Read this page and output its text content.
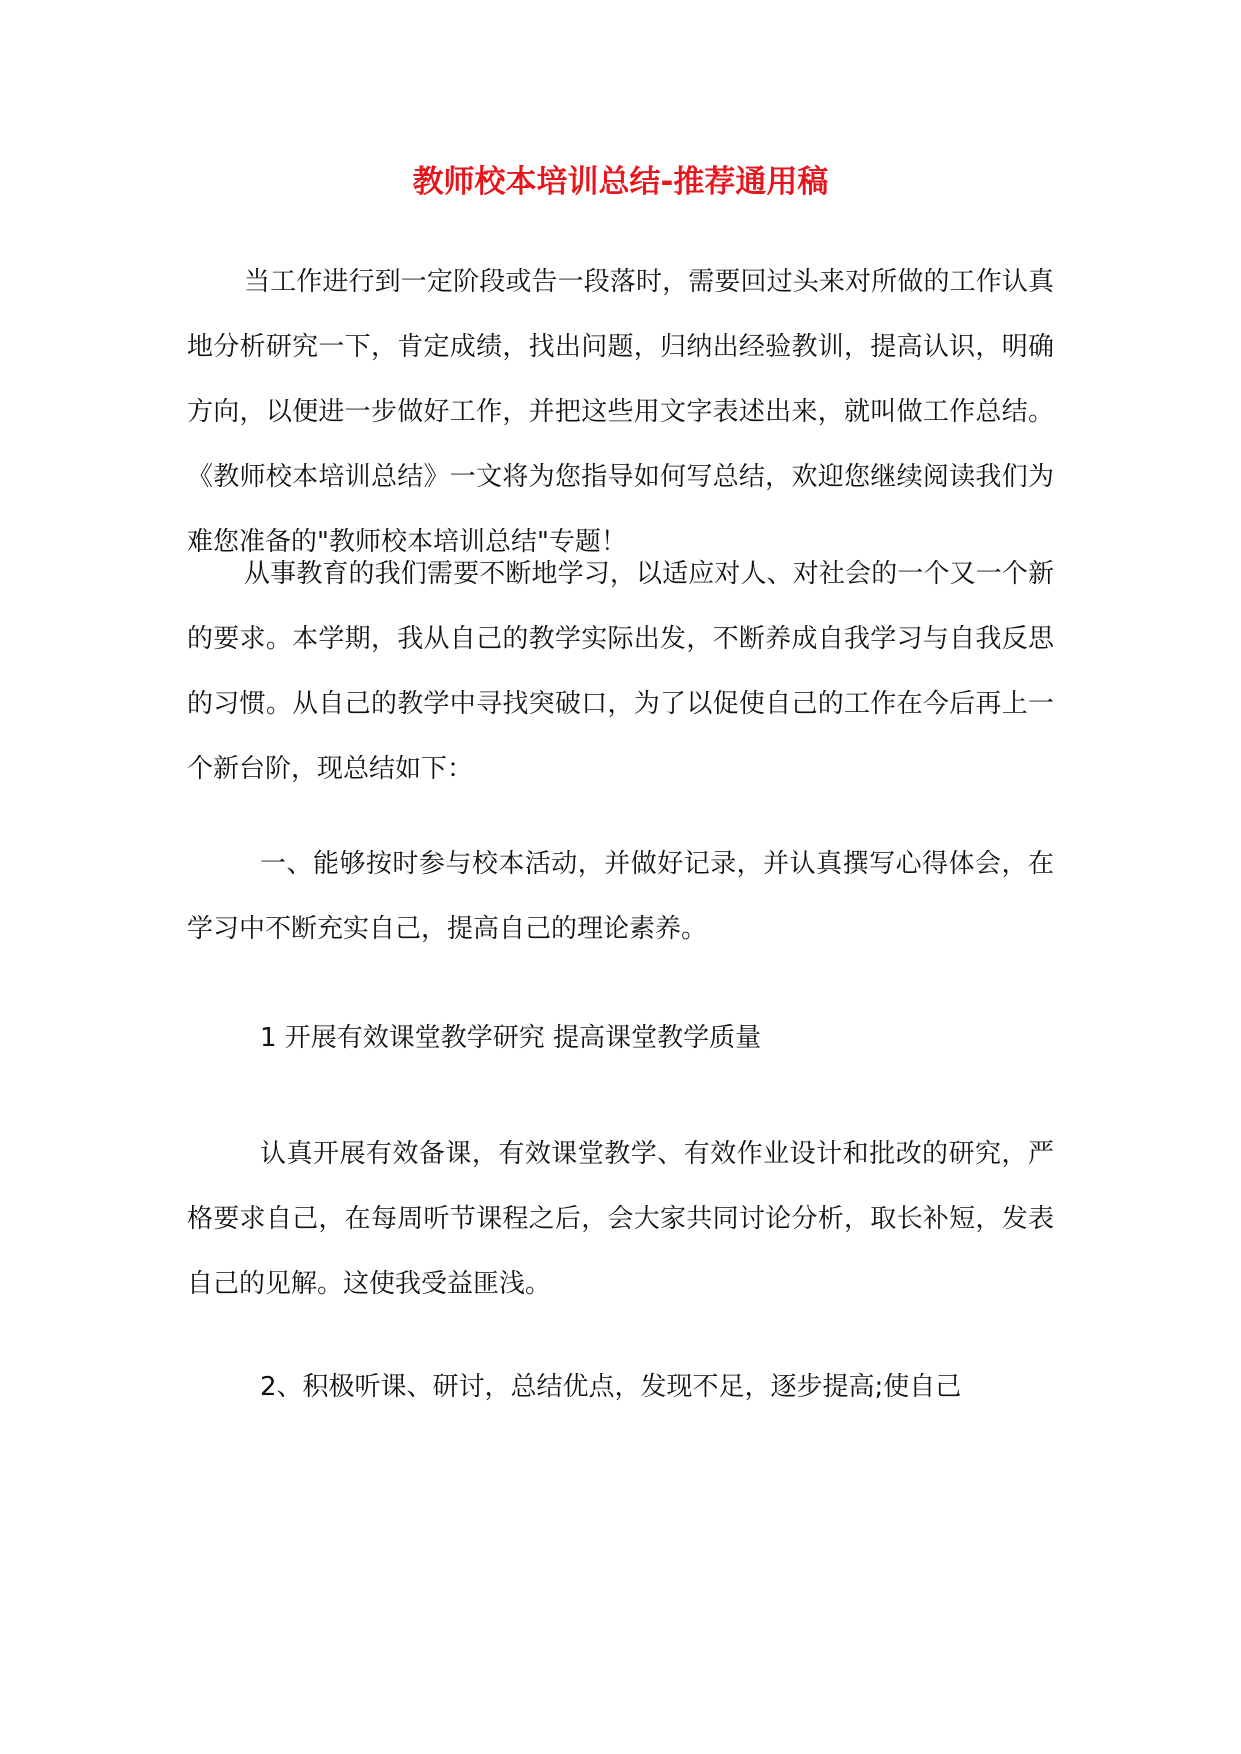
教师校本培训总结-推荐通用稿

当工作进行到一定阶段或告一段落时，需要回过头来对所做的工作认真地分析研究一下，肯定成绩，找出问题，归纳出经验教训，提高认识，明确方向，以便进一步做好工作，并把这些用文字表述出来，就叫做工作总结。《教师校本培训总结》一文将为您指导如何写总结，欢迎您继续阅读我们为难您准备的"教师校本培训总结"专题！

从事教育的我们需要不断地学习，以适应对人、对社会的一个又一个新的要求。本学期，我从自己的教学实际出发，不断养成自我学习与自我反思的习惯。从自己的教学中寻找突破口，为了以促使自己的工作在今后再上一个新台阶，现总结如下：

一、能够按时参与校本活动，并做好记录，并认真撰写心得体会，在学习中不断充实自己，提高自己的理论素养。

1 开展有效课堂教学研究 提高课堂教学质量

认真开展有效备课，有效课堂教学、有效作业设计和批改的研究，严格要求自己，在每周听节课程之后，会大家共同讨论分析，取长补短，发表自己的见解。这使我受益匪浅。

2、积极听课、研讨，总结优点，发现不足，逐步提高;使自己
